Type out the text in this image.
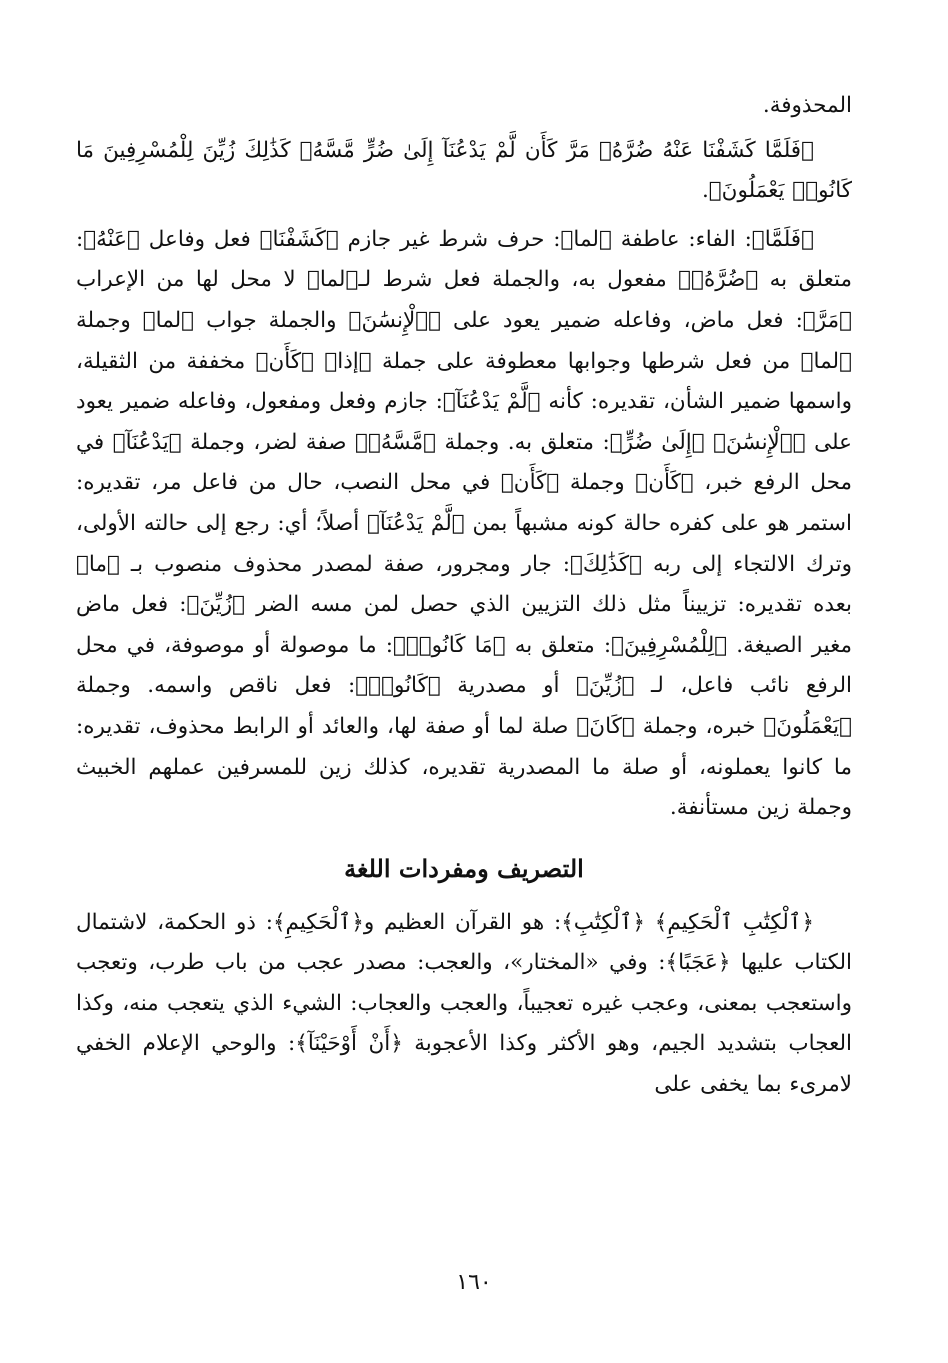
المحذوفة.

﴿فَلَمَّا كَشَفْنَا عَنْهُ ضُرَّهُۥ مَرَّ كَأَن لَّمْ يَدْعُنَآ إِلَىٰ ضُرٍّ مَّسَّهُۥ كَذَٰلِكَ زُيِّنَ لِلْمُسْرِفِينَ مَا كَانُوا۟ يَعْمَلُونَ﴾.

﴿فَلَمَّا﴾: الفاء: عاطفة ﴿لما﴾: حرف شرط غير جازم ﴿كَشَفْنَا﴾ فعل وفاعل ﴿عَنْهُ﴾: متعلق به ﴿ضُرَّهُۥ﴾ مفعول به، والجملة فعل شرط لـ﴿لما﴾ لا محل لها من الإعراب ﴿مَرَّ﴾: فعل ماض، وفاعله ضمير يعود على ﴿ٱلْإِنسَٰنَ﴾ والجملة جواب ﴿لما﴾ وجملة ﴿لما﴾ من فعل شرطها وجوابها معطوفة على جملة ﴿إذا﴾ ﴿كَأَن﴾ مخففة من الثقيلة، واسمها ضمير الشأن، تقديره: كأنه ﴿لَّمْ يَدْعُنَآ﴾: جازم وفعل ومفعول، وفاعله ضمير يعود على ﴿ٱلْإِنسَٰنَ﴾ ﴿إِلَىٰ ضُرٍّ﴾: متعلق به. وجملة ﴿مَّسَّهُۥ﴾ صفة لضر، وجملة ﴿يَدْعُنَآ﴾ في محل الرفع خبر، ﴿كَأَن﴾ وجملة ﴿كَأَن﴾ في محل النصب، حال من فاعل مر، تقديره: استمر هو على كفره حالة كونه مشبهاً بمن ﴿لَّمْ يَدْعُنَآ﴾ أصلاً؛ أي: رجع إلى حالته الأولى، وترك الالتجاء إلى ربه ﴿كَذَٰلِكَ﴾: جار ومجرور، صفة لمصدر محذوف منصوب بـ ﴿ما﴾ بعده تقديره: تزييناً مثل ذلك التزيين الذي حصل لمن مسه الضر ﴿زُيِّنَ﴾: فعل ماض مغير الصيغة. ﴿لِلْمُسْرِفِينَ﴾: متعلق به ﴿مَا كَانُوا۟﴾: ما موصولة أو موصوفة، في محل الرفع نائب فاعل، لـ ﴿زُيِّنَ﴾ أو مصدرية ﴿كَانُوا۟﴾: فعل ناقص واسمه. وجملة ﴿يَعْمَلُونَ﴾ خبره، وجملة ﴿كَانَ﴾ صلة لما أو صفة لها، والعائد أو الرابط محذوف، تقديره: ما كانوا يعملونه، أو صلة ما المصدرية تقديره، كذلك زين للمسرفين عملهم الخبيث وجملة زين مستأنفة.

التصريف ومفردات اللغة

﴿ٱلْكِتَٰبِ ٱلْحَكِيمِ﴾ ﴿ٱلْكِتَٰبِ﴾: هو القرآن العظيم و﴿ٱلْحَكِيمِ﴾: ذو الحكمة، لاشتمال الكتاب عليها ﴿عَجَبًا﴾: وفي «المختار»، والعجب: مصدر عجب من باب طرب، وتعجب واستعجب بمعنى، وعجب غيره تعجيباً، والعجب والعجاب: الشيء الذي يتعجب منه، وكذا العجاب بتشديد الجيم، وهو الأكثر وكذا الأعجوبة ﴿أَنْ أَوْحَيْنَآ﴾: والوحي الإعلام الخفي لامرىء بما يخفى على

١٦٠
